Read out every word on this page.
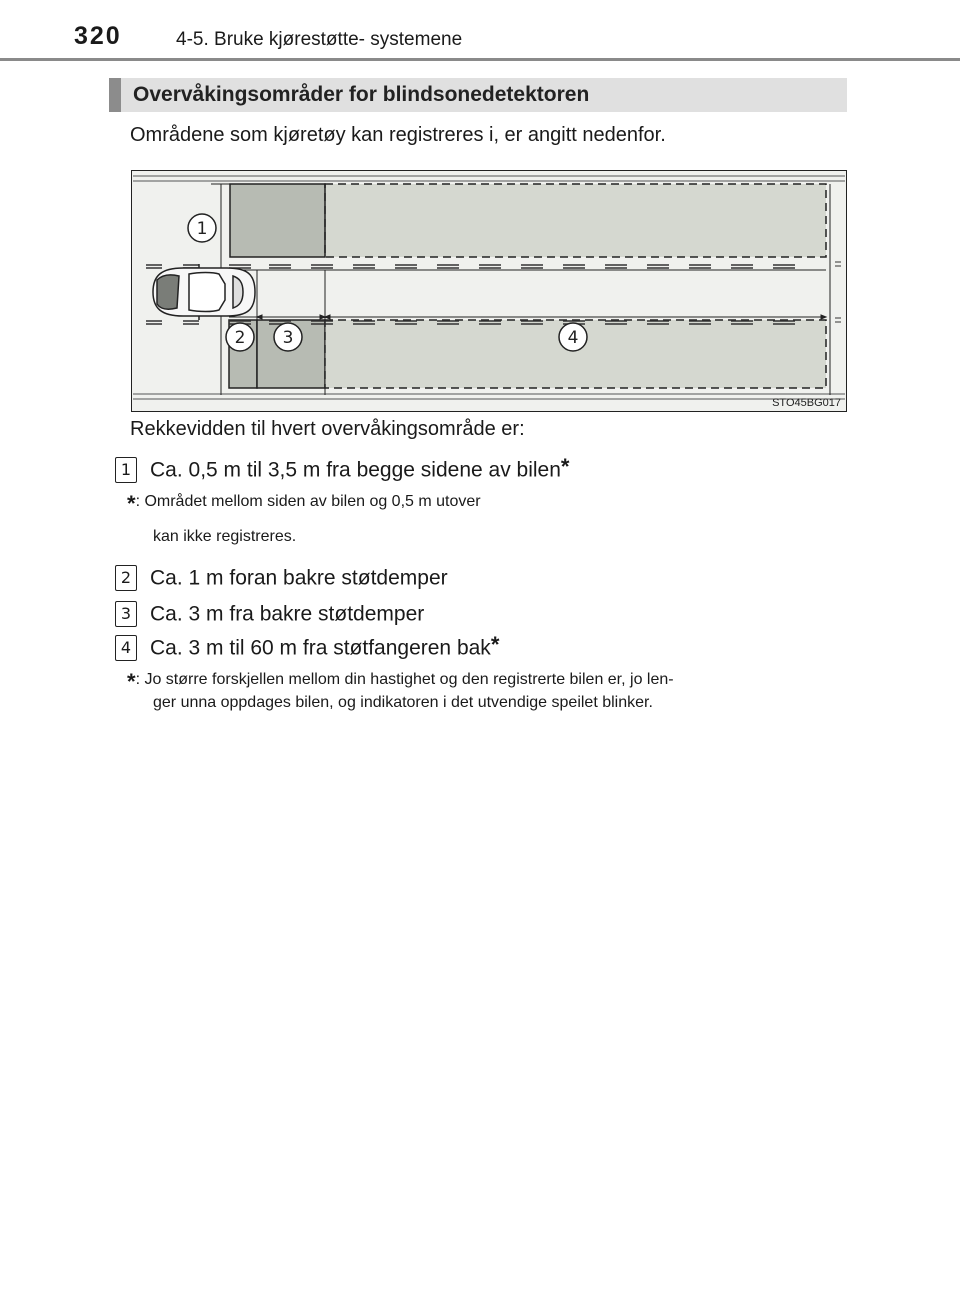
320	4-5. Bruke kjørestøtte- systemene
Overvåkingsområder for blindsonedetektoren
Områdene som kjøretøy kan registreres i, er angitt nedenfor.
1
2 3	4
STO45BG017
Rekkevidden til hvert overvåkingsområde er:
1 Ca. 0,5 m til 3,5 m fra begge sidene av bilen*
*: Området mellom siden av bilen og 0,5 m utover
kan ikke registreres.
2 Ca. 1 m foran bakre støtdemper
3 Ca. 3 m fra bakre støtdemper
4 Ca. 3 m til 60 m fra støtfangeren bak*
*: Jo større forskjellen mellom din hastighet og den registrerte bilen er, jo len-
ger unna oppdages bilen, og indikatoren i det utvendige speilet blinker.
